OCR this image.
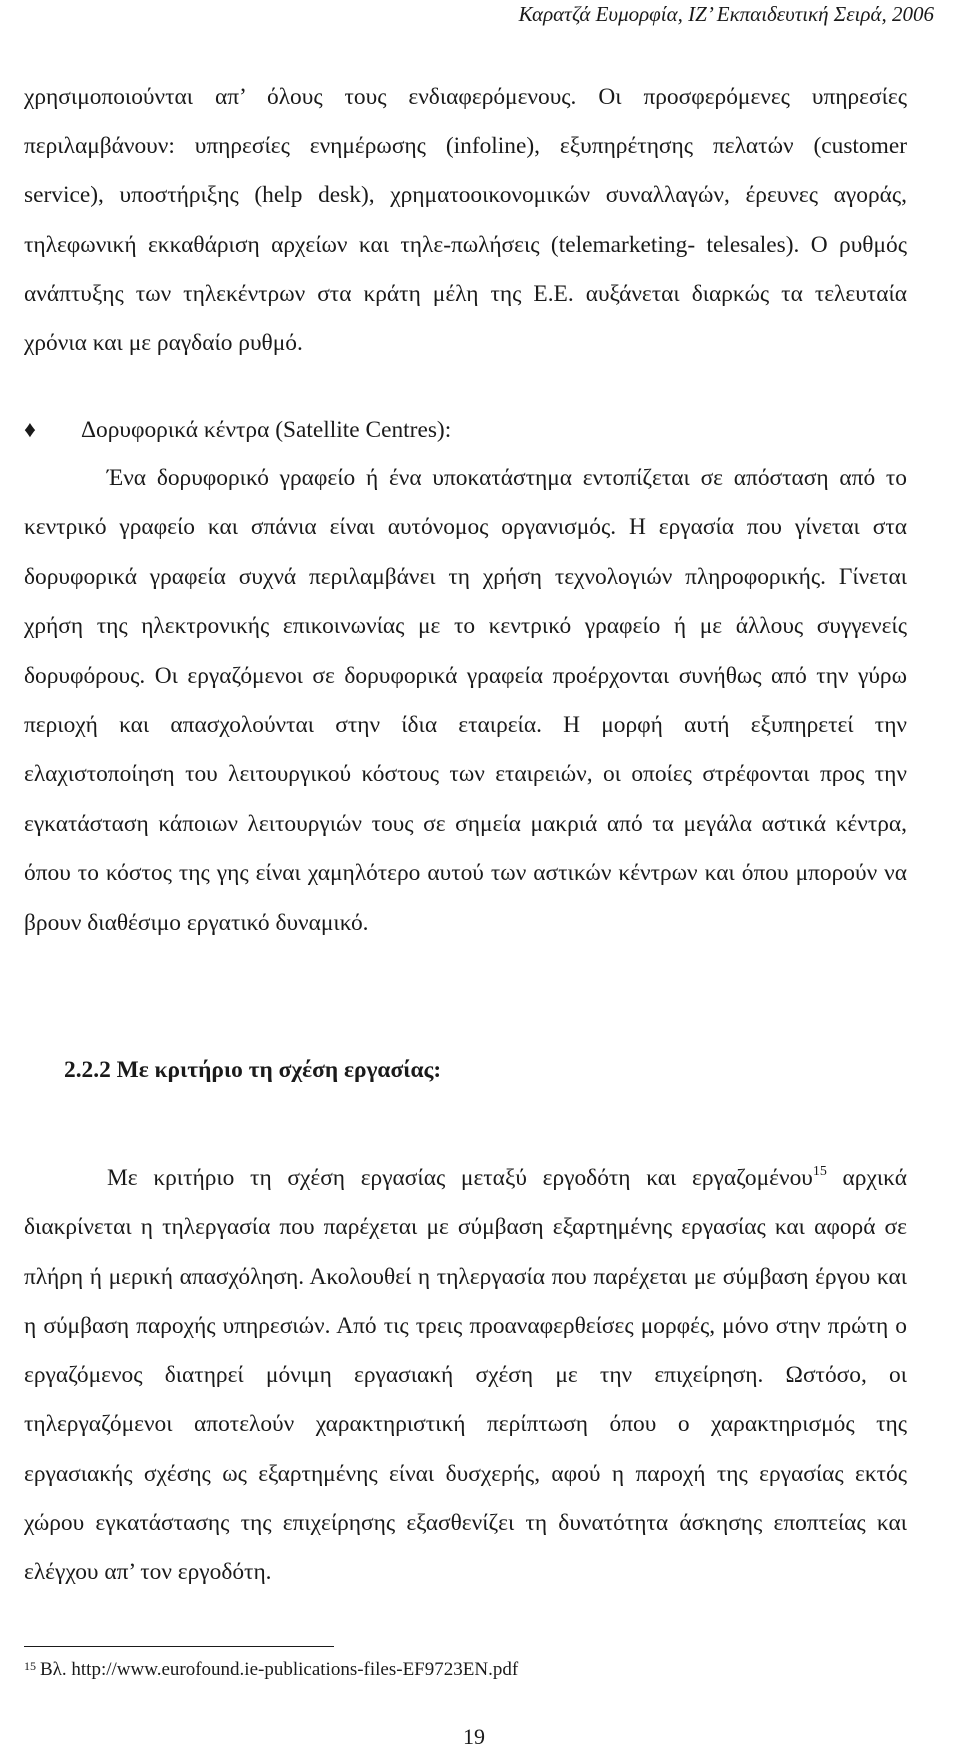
Καρατζά Ευμορφία, ΙΖ’ Εκπαιδευτική Σειρά, 2006

χρησιμοποιούνται απ’ όλους τους ενδιαφερόμενους. Οι προσφερόμενες υπηρεσίες περιλαμβάνουν: υπηρεσίες ενημέρωσης (infoline), εξυπηρέτησης πελατών (customer service), υποστήριξης (help desk), χρηματοοικονομικών συναλλαγών, έρευνες αγοράς, τηλεφωνική εκκαθάριση αρχείων και τηλε-πωλήσεις (telemarketing- telesales). Ο ρυθμός ανάπτυξης των τηλεκέντρων στα κράτη μέλη της Ε.Ε. αυξάνεται διαρκώς τα τελευταία χρόνια και με ραγδαίο ρυθμό.

♦ Δορυφορικά κέντρα (Satellite Centres):

Ένα δορυφορικό γραφείο ή ένα υποκατάστημα εντοπίζεται σε απόσταση από το κεντρικό γραφείο και σπάνια είναι αυτόνομος οργανισμός. Η εργασία που γίνεται στα δορυφορικά γραφεία συχνά περιλαμβάνει τη χρήση τεχνολογιών πληροφορικής. Γίνεται χρήση της ηλεκτρονικής επικοινωνίας με το κεντρικό γραφείο ή με άλλους συγγενείς δορυφόρους. Οι εργαζόμενοι σε δορυφορικά γραφεία προέρχονται συνήθως από την γύρω περιοχή και απασχολούνται στην ίδια εταιρεία. Η μορφή αυτή εξυπηρετεί την ελαχιστοποίηση του λειτουργικού κόστους των εταιρειών, οι οποίες στρέφονται προς την εγκατάσταση κάποιων λειτουργιών τους σε σημεία μακριά από τα μεγάλα αστικά κέντρα, όπου το κόστος της γης είναι χαμηλότερο αυτού των αστικών κέντρων και όπου μπορούν να βρουν διαθέσιμο εργατικό δυναμικό.

2.2.2 Με κριτήριο τη σχέση εργασίας:

Με κριτήριο τη σχέση εργασίας μεταξύ εργοδότη και εργαζομένου$^{15}$ αρχικά διακρίνεται η τηλεργασία που παρέχεται με σύμβαση εξαρτημένης εργασίας και αφορά σε πλήρη ή μερική απασχόληση. Ακολουθεί η τηλεργασία που παρέχεται με σύμβαση έργου και η σύμβαση παροχής υπηρεσιών. Από τις τρεις προαναφερθείσες μορφές, μόνο στην πρώτη ο εργαζόμενος διατηρεί μόνιμη εργασιακή σχέση με την επιχείρηση. Ωστόσο, οι τηλεργαζόμενοι αποτελούν χαρακτηριστική περίπτωση όπου ο χαρακτηρισμός της εργασιακής σχέσης ως εξαρτημένης είναι δυσχερής, αφού η παροχή της εργασίας εκτός χώρου εγκατάστασης της επιχείρησης εξασθενίζει τη δυνατότητα άσκησης εποπτείας και ελέγχου απ’ τον εργοδότη.

$^{15}$ Βλ. http://www.eurofound.ie-publications-files-EF9723EN.pdf
19
